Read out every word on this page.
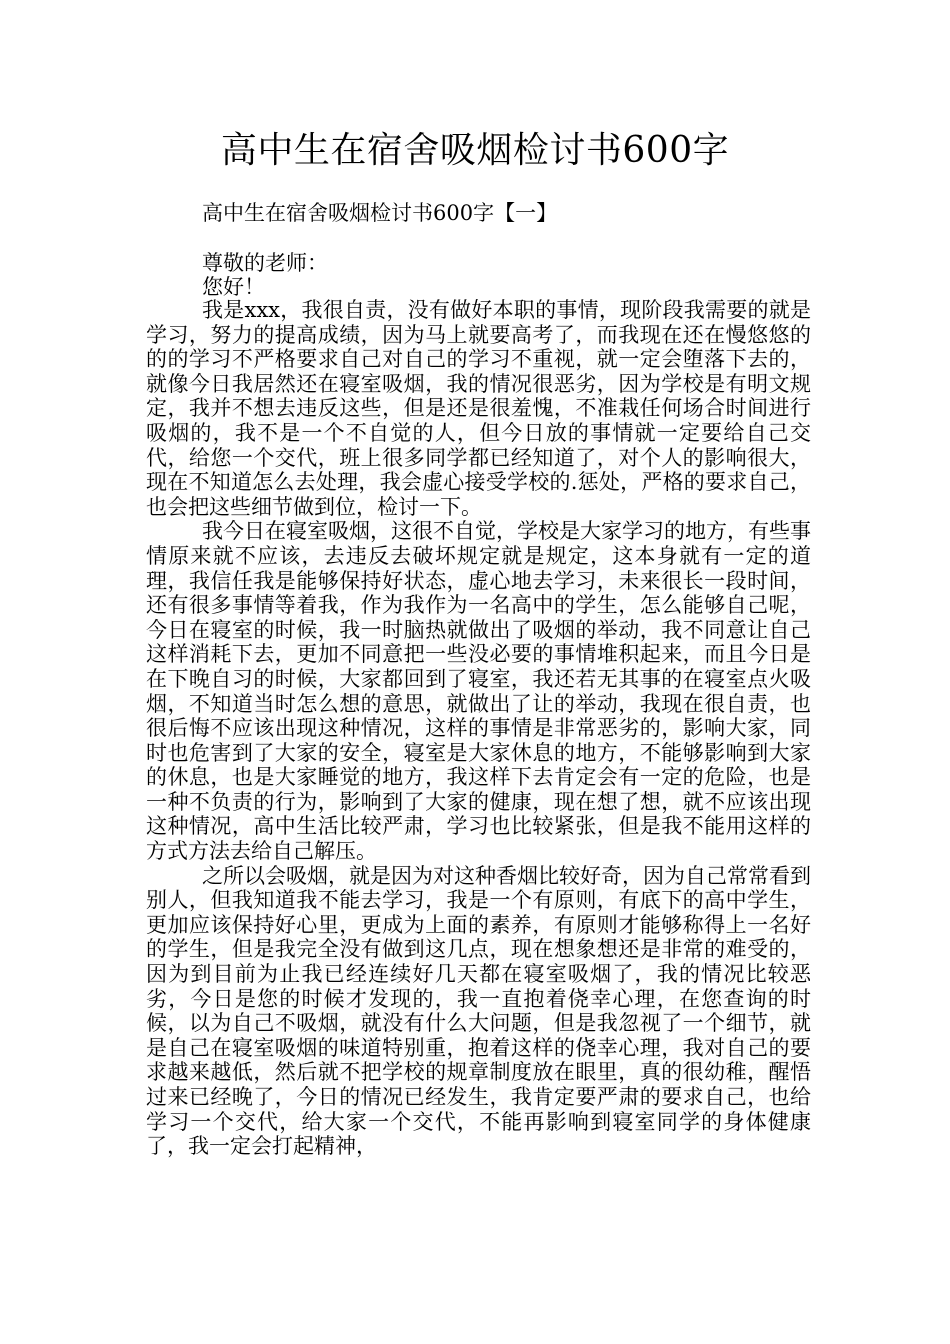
高中生在宿舍吸烟检讨书600字

高中生在宿舍吸烟检讨书600字【一】

尊敬的老师：

您好！

我是xxx，我很自责，没有做好本职的事情，现阶段我需要的就是学习，努力的提高成绩，因为马上就要高考了，而我现在还在慢悠悠的的的学习不严格要求自己对自己的学习不重视，就一定会堕落下去的，就像今日我居然还在寝室吸烟，我的情况很恶劣，因为学校是有明文规定，我并不想去违反这些，但是还是很羞愧，不准栽任何场合时间进行吸烟的，我不是一个不自觉的人，但今日放的事情就一定要给自己交代，给您一个交代，班上很多同学都已经知道了，对个人的影响很大，现在不知道怎么去处理，我会虚心接受学校的.惩处，严格的要求自己，也会把这些细节做到位，检讨一下。

我今日在寝室吸烟，这很不自觉，学校是大家学习的地方，有些事情原来就不应该，去违反去破坏规定就是规定，这本身就有一定的道理，我信任我是能够保持好状态，虚心地去学习，未来很长一段时间，还有很多事情等着我，作为我作为一名高中的学生，怎么能够自己呢，今日在寝室的时候，我一时脑热就做出了吸烟的举动，我不同意让自己这样消耗下去，更加不同意把一些没必要的事情堆积起来，而且今日是在下晚自习的时候，大家都回到了寝室，我还若无其事的在寝室点火吸烟，不知道当时怎么想的意思，就做出了让的举动，我现在很自责，也很后悔不应该出现这种情况，这样的事情是非常恶劣的，影响大家，同时也危害到了大家的安全，寝室是大家休息的地方，不能够影响到大家的休息，也是大家睡觉的地方，我这样下去肯定会有一定的危险，也是一种不负责的行为，影响到了大家的健康，现在想了想，就不应该出现这种情况，高中生活比较严肃，学习也比较紧张，但是我不能用这样的方式方法去给自己解压。

之所以会吸烟，就是因为对这种香烟比较好奇，因为自己常常看到别人，但我知道我不能去学习，我是一个有原则，有底下的高中学生，更加应该保持好心里，更成为上面的素养，有原则才能够称得上一名好的学生，但是我完全没有做到这几点，现在想象想还是非常的难受的，因为到目前为止我已经连续好几天都在寝室吸烟了，我的情况比较恶劣，今日是您的时候才发现的，我一直抱着侥幸心理，在您查询的时候，以为自己不吸烟，就没有什么大问题，但是我忽视了一个细节，就是自己在寝室吸烟的味道特别重，抱着这样的侥幸心理，我对自己的要求越来越低，然后就不把学校的规章制度放在眼里，真的很幼稚，醒悟过来已经晚了，今日的情况已经发生，我肯定要严肃的要求自己，也给学习一个交代，给大家一个交代，不能再影响到寝室同学的身体健康了，我一定会打起精神，
